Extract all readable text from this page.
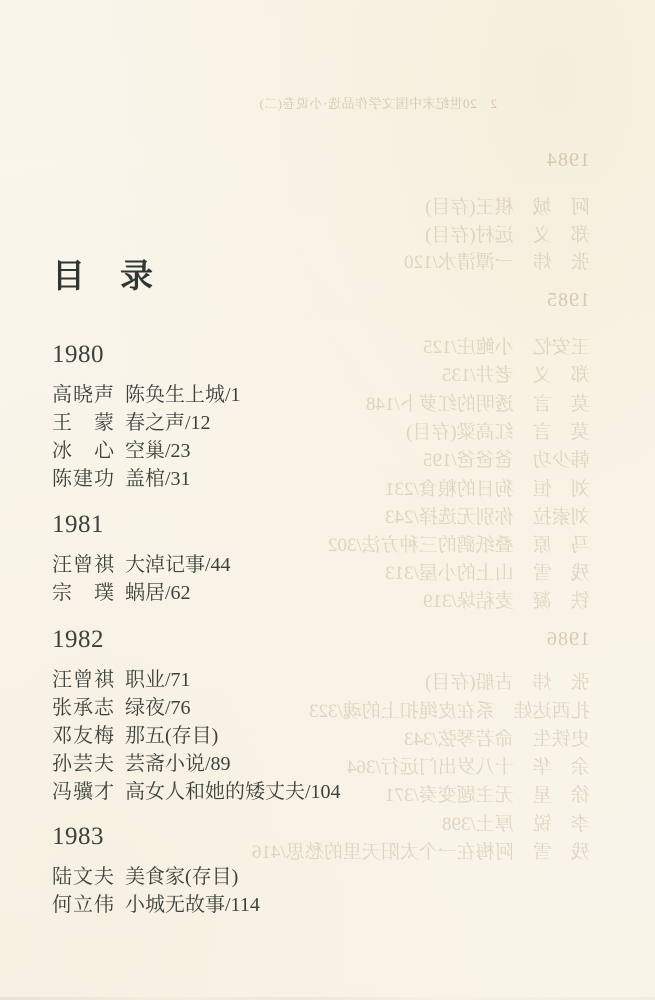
2　20世纪末中国文学作品选·小说卷(二)
1984
阿　城　棋王(存目)
郑　义　远村(存目)
张　炜　一潭清水/120
1985
王安忆　小鲍庄/125
郑　义　老井/135
莫　言　透明的红萝卜/148
莫　言　红高粱(存目)
韩少功　爸爸爸/195
刘　恒　狗日的粮食/231
刘索拉　你别无选择/243
马　原　叠纸鹞的三种方法/302
残　雪　山上的小屋/313
铁　凝　麦秸垛/319
1986
张　炜　古船(存目)
扎西达娃　系在皮绳扣上的魂/323
史铁生　命若琴弦/343
余　华　十八岁出门远行/364
徐　星　无主题变奏/371
李　锐　厚土/398
残　雪　阿梅在一个太阳天里的愁思/416
目　录
1980
高晓声 陈奂生上城/1
王　蒙 春之声/12
冰　心 空巢/23
陈建功 盖棺/31
1981
汪曾祺 大淖记事/44
宗　璞 蜗居/62
1982
汪曾祺 职业/71
张承志 绿夜/76
邓友梅 那五(存目)
孙芸夫 芸斋小说/89
冯骥才 高女人和她的矮丈夫/104
1983
陆文夫 美食家(存目)
何立伟 小城无故事/114
